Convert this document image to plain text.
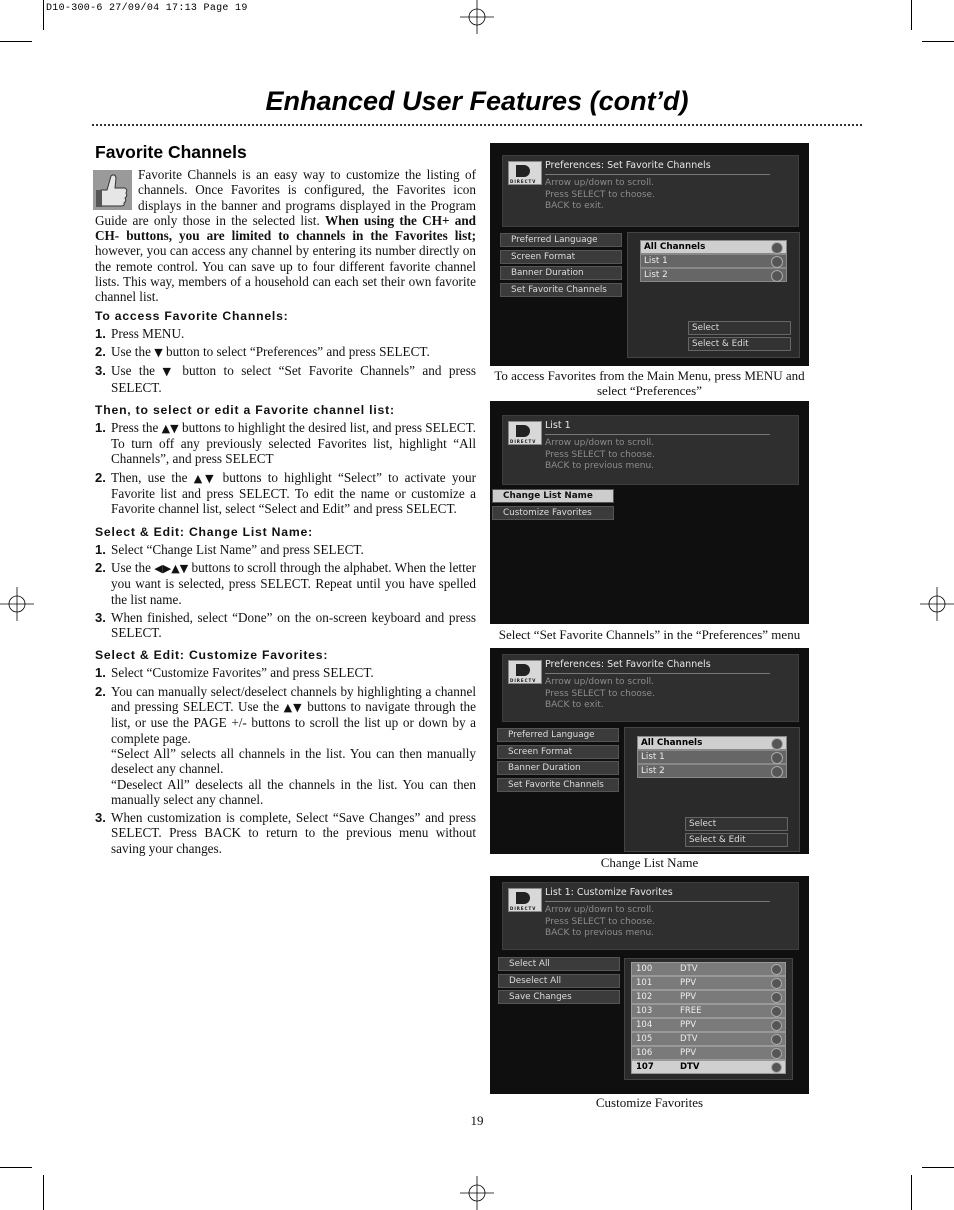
D10-300-6 27/09/04 17:13 Page 19
Enhanced User Features (cont’d)
Favorite Channels

Favorite Channels is an easy way to customize the listing of channels. Once Favorites is configured, the Favorites icon displays in the banner and programs displayed in the Program Guide are only those in the selected list. When using the CH+ and CH- buttons, you are limited to channels in the Favorites list; however, you can access any channel by entering its number directly on the remote control. You can save up to four different favorite channel lists. This way, members of a household can each set their own favorite channel list.

To access Favorite Channels:
1. Press MENU.
2. Use the ▼ button to select “Preferences” and press SELECT.
3. Use the ▼ button to select “Set Favorite Channels” and press SELECT.
Then, to select or edit a Favorite channel list:
1. Press the ▲▼ buttons to highlight the desired list, and press SELECT. To turn off any previously selected Favorites list, highlight “All Channels”, and press SELECT
2. Then, use the ▲▼ buttons to highlight “Select” to activate your Favorite list and press SELECT. To edit the name or customize a Favorite channel list, select “Select and Edit” and press SELECT.
Select & Edit: Change List Name:
1. Select “Change List Name” and press SELECT.
2. Use the ◀▶▲▼ buttons to scroll through the alphabet. When the letter you want is selected, press SELECT. Repeat until you have spelled the list name.
3. When finished, select “Done” on the on-screen keyboard and press SELECT.
Select & Edit: Customize Favorites:
1. Select “Customize Favorites” and press SELECT.
2. You can manually select/deselect channels by highlighting a channel and pressing SELECT. Use the ▲▼ buttons to navigate through the list, or use the PAGE +/- buttons to scroll the list up or down by a complete page.
“Select All” selects all channels in the list. You can then manually deselect any channel.
“Deselect All” deselects all the channels in the list. You can then manually select any channel.
3. When customization is complete, Select “Save Changes” and press SELECT. Press BACK to return to the previous menu without saving your changes.
DIRECTV
Preferences: Set Favorite Channels
Arrow up/down to scroll.
Press SELECT to choose.
BACK to exit.
Preferred Language
Screen Format
Banner Duration
Set Favorite Channels
All Channels
List 1
List 2
Select
Select & Edit
To access Favorites from the Main Menu, press MENU and select “Preferences”
DIRECTV
List 1
Arrow up/down to scroll.
Press SELECT to choose.
BACK to previous menu.
Change List Name
Customize Favorites
Select “Set Favorite Channels” in the “Preferences” menu
DIRECTV
Preferences: Set Favorite Channels
Arrow up/down to scroll.
Press SELECT to choose.
BACK to exit.
Preferred Language
Screen Format
Banner Duration
Set Favorite Channels
All Channels
List 1
List 2
Select
Select & Edit
Change List Name
DIRECTV
List 1: Customize Favorites
Arrow up/down to scroll.
Press SELECT to choose.
BACK to previous menu.
Select All
Deselect All
Save Changes
100	DTV
101	PPV
102	PPV
103	FREE
104	PPV
105	DTV
106	PPV
107	DTV
Customize Favorites
19
